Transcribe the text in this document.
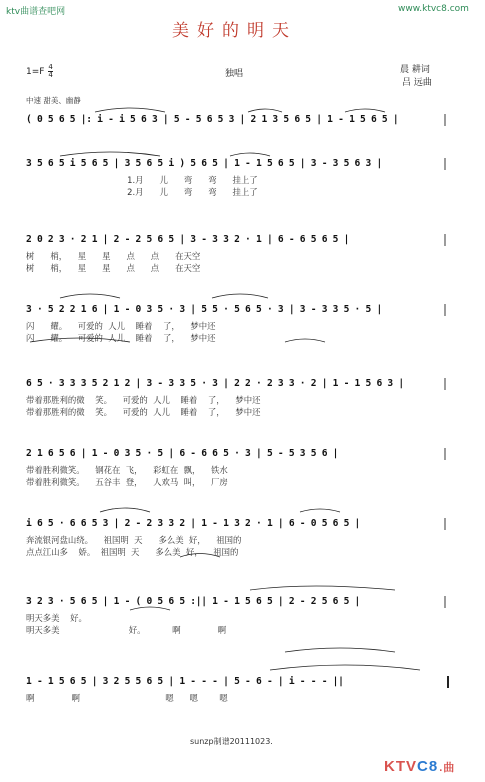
ktv曲谱查吧网	www.ktvc8.com
美好的明天
$1=F \frac{4}{4}$	独唱	晨 耕词
吕 远曲
中速 甜美、幽静
( 0 5 6 5 |: i - i 5 6 3 | 5 - 5 6 5 3 | 2 1 3 5 6 5 | 1 - 1 5 6 5 |
3 5 6 5 i 5 6 5 | 3 5 6 5 i ) 5 6 5 | 1 - 1 5 6 5 | 3 - 3 5 6 3 |
1.月      儿      弯      弯      挂上了
2.月      儿      弯      弯      挂上了
2 0 2 3 · 2 1 | 2 - 2 5 6 5 | 3 - 3 3 2 · 1 | 6 - 6 5 6 5 |
树      梢，    星      星      点      点      在天空
树      梢，    星      星      点      点      在天空
3 · 5 2 2 1 6 | 1 - 0 3 5 · 3 | 5 5 · 5 6 5 · 3 | 3 - 3 3 5 · 5 |
闪      耀。    可爱的  人儿    睡着    了，    梦中还
闪      耀。    可爱的  人儿    睡着    了，    梦中还
6 5 · 3 3 3 5 2 1 2 | 3 - 3 3 5 · 3 | 2 2 · 2 3 3 · 2 | 1 - 1 5 6 3 |
带着那胜利的微    笑。    可爱的  人儿    睡着    了，    梦中还
带着那胜利的微    笑。    可爱的  人儿    睡着    了，    梦中还
2 1 6 5 6 | 1 - 0 3 5 · 5 | 6 - 6 6 5 · 3 | 5 - 5 3 5 6 |
带着胜利微笑。    钢花在  飞，    彩虹在  飘，    铁水
带着胜利微笑。    五谷丰  登，    人欢马  叫，    厂房
i 6 5 · 6 6 5 3 | 2 - 2 3 3 2 | 1 - 1 3 2 · 1 | 6 - 0 5 6 5 |
奔流银河盘山绕。    祖国明  天      多么美  好，    祖国的
点点江山多    娇。  祖国明  天      多么美  好，    祖国的
3 2 3 · 5 6 5 | 1 - ( 0 5 6 5 :|| 1 - 1 5 6 5 | 2 - 2 5 6 5 |
明天多美    好。
明天多美                          好。          啊              啊
1 - 1 5 6 5 | 3 2 5 5 6 5 | 1 - - - | 5 - 6 - | i - - - ||
啊              啊                                嗯      嗯        嗯
sunzp制谱20111023.
KTVC8.曲
